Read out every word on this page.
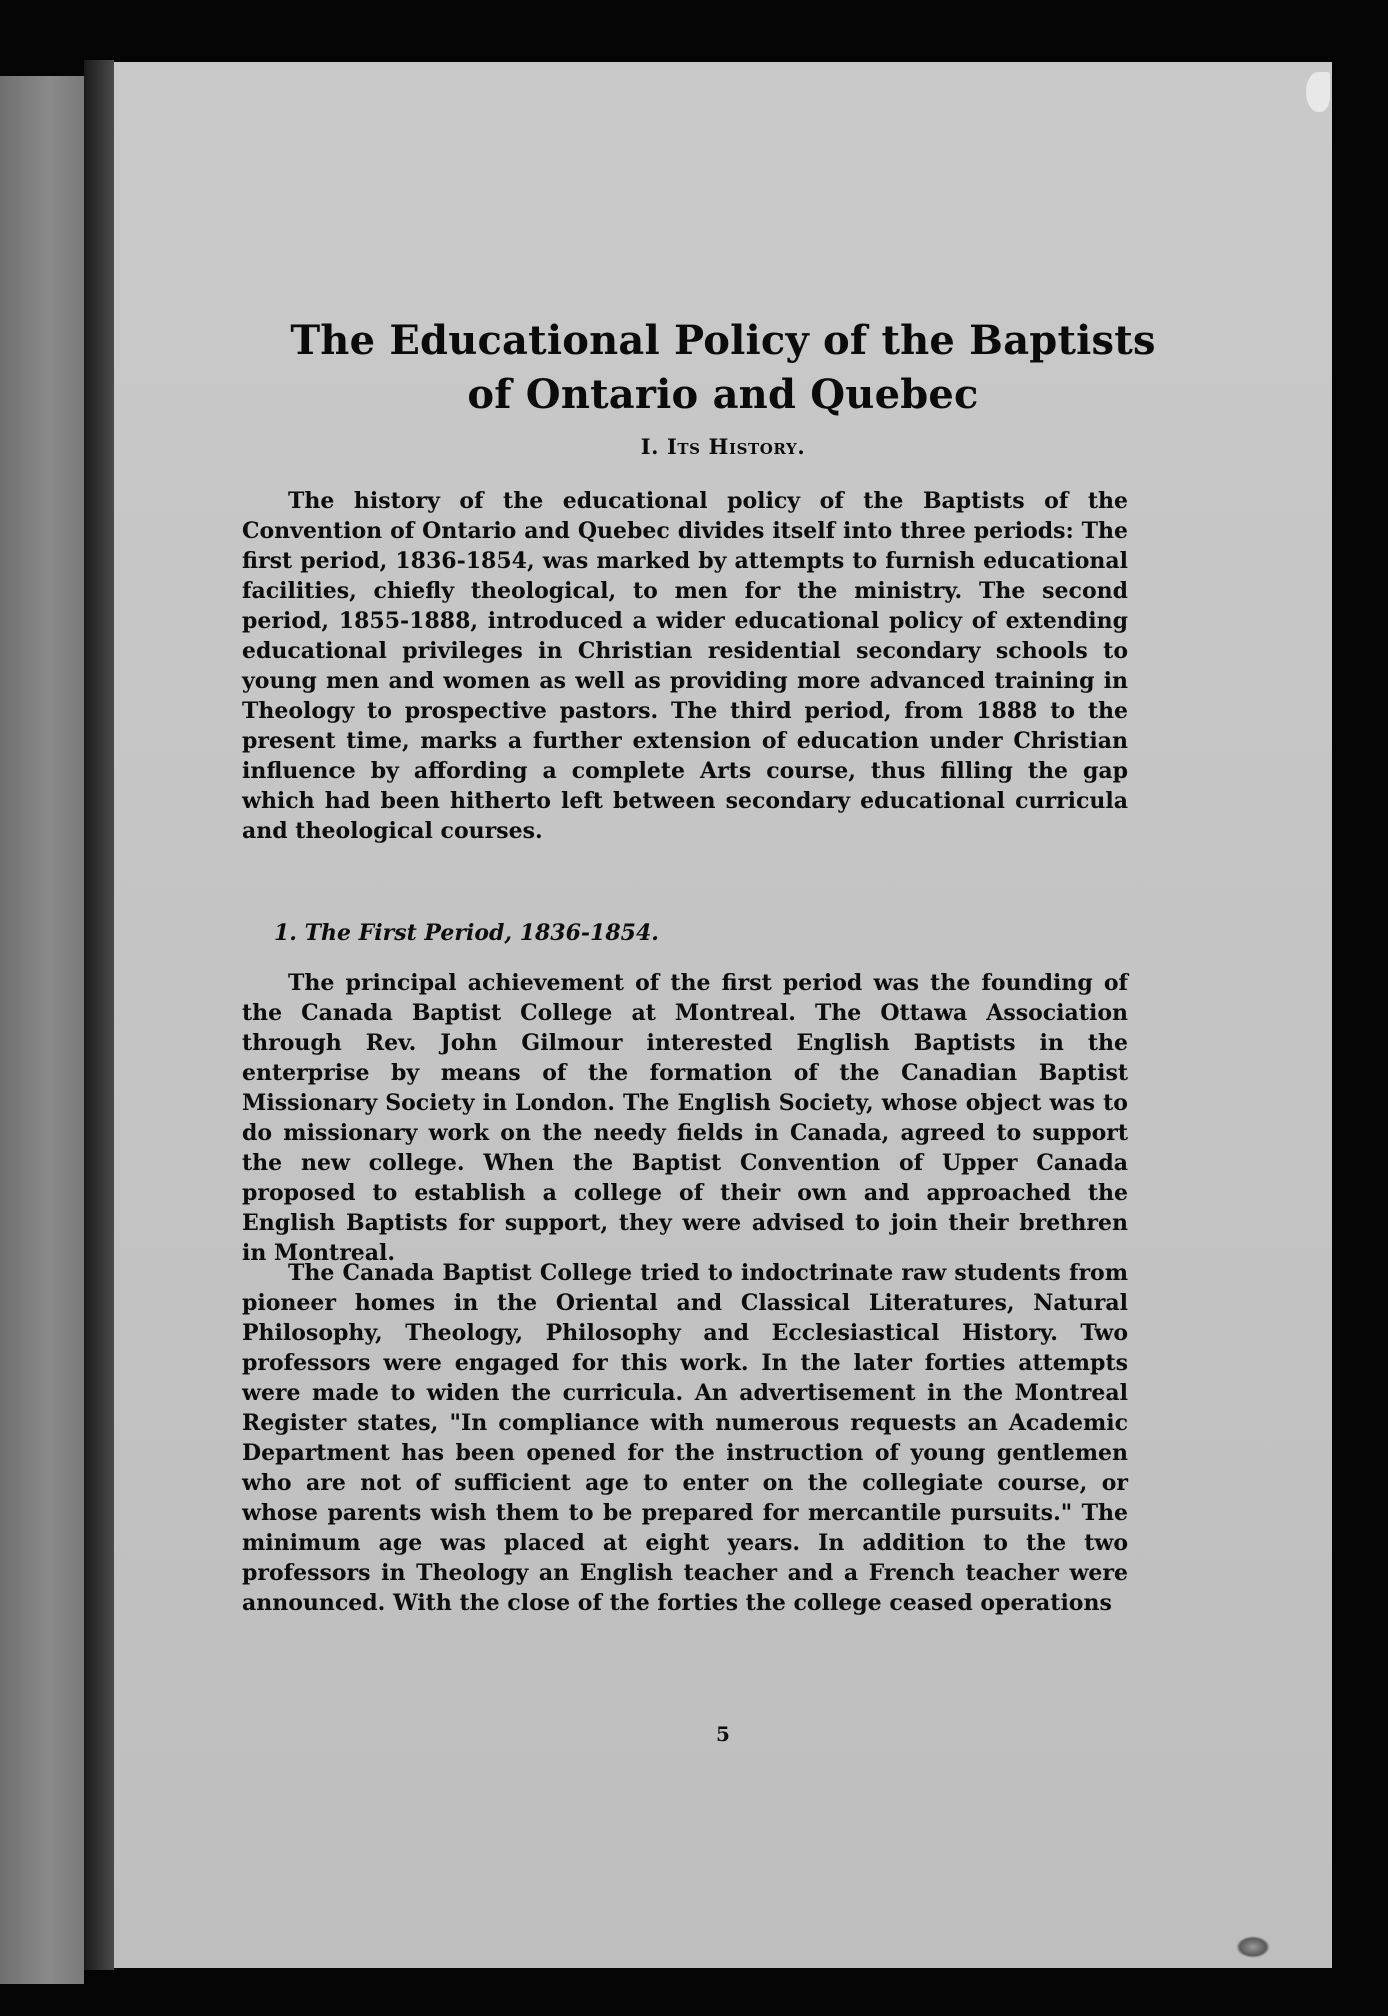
The Educational Policy of the Baptists
of Ontario and Quebec

I. Its History.

The history of the educational policy of the Baptists of the Convention of Ontario and Quebec divides itself into three periods: The first period, 1836-1854, was marked by attempts to furnish educational facilities, chiefly theological, to men for the ministry. The second period, 1855-1888, introduced a wider educational policy of extending educational privileges in Christian residential secondary schools to young men and women as well as providing more advanced training in Theology to prospective pastors. The third period, from 1888 to the present time, marks a further extension of education under Christian influence by affording a complete Arts course, thus filling the gap which had been hitherto left between secondary educational curricula and theological courses.

1. The First Period, 1836-1854.

The principal achievement of the first period was the founding of the Canada Baptist College at Montreal. The Ottawa Association through Rev. John Gilmour interested English Baptists in the enterprise by means of the formation of the Canadian Baptist Missionary Society in London. The English Society, whose object was to do missionary work on the needy fields in Canada, agreed to support the new college. When the Baptist Convention of Upper Canada proposed to establish a college of their own and approached the English Baptists for support, they were advised to join their brethren in Montreal.

The Canada Baptist College tried to indoctrinate raw students from pioneer homes in the Oriental and Classical Literatures, Natural Philosophy, Theology, Philosophy and Ecclesiastical History. Two professors were engaged for this work. In the later forties attempts were made to widen the curricula. An advertisement in the Montreal Register states, "In compliance with numerous requests an Academic Department has been opened for the instruction of young gentlemen who are not of sufficient age to enter on the collegiate course, or whose parents wish them to be prepared for mercantile pursuits." The minimum age was placed at eight years. In addition to the two professors in Theology an English teacher and a French teacher were announced. With the close of the forties the college ceased operations

5
